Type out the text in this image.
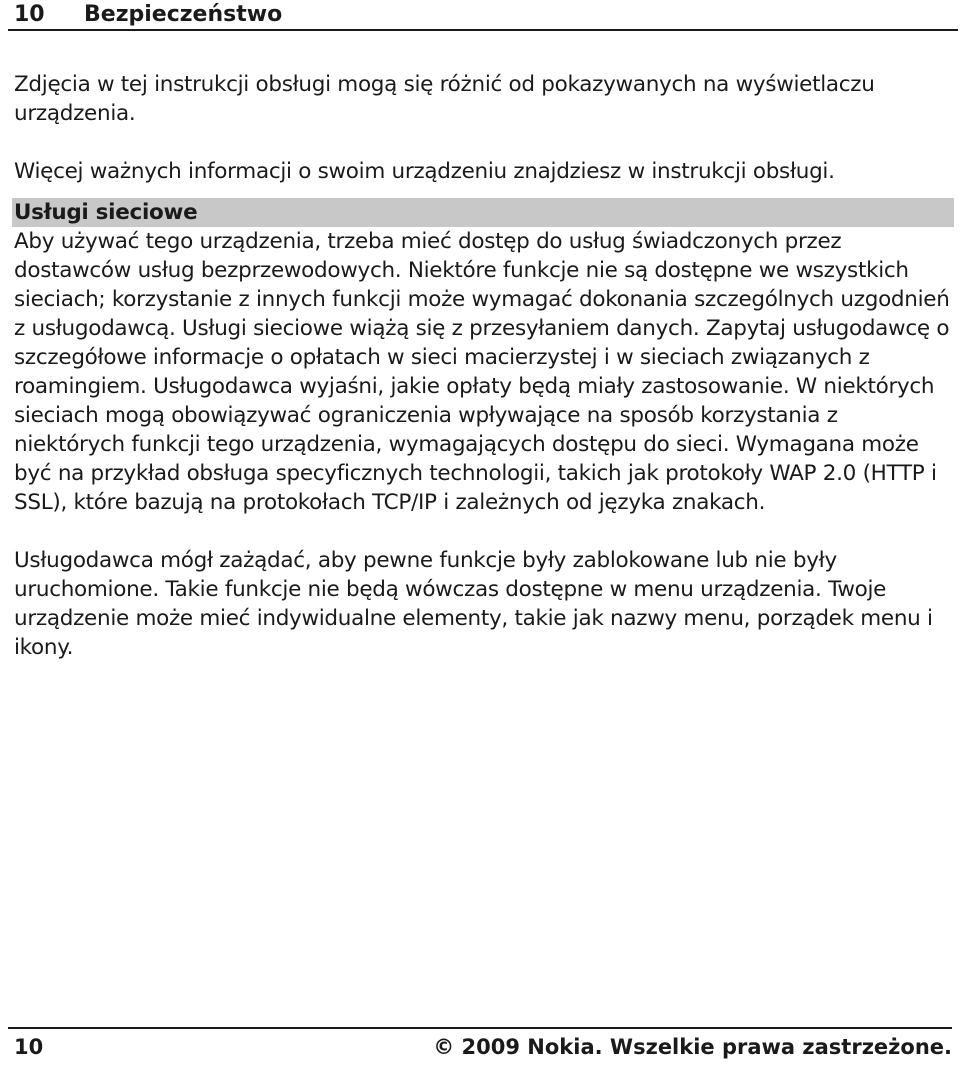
10	Bezpieczeństwo

Zdjęcia w tej instrukcji obsługi mogą się różnić od pokazywanych na wyświetlaczu urządzenia.

Więcej ważnych informacji o swoim urządzeniu znajdziesz w instrukcji obsługi.

Usługi sieciowe

Aby używać tego urządzenia, trzeba mieć dostęp do usług świadczonych przez dostawców usług bezprzewodowych. Niektóre funkcje nie są dostępne we wszystkich sieciach; korzystanie z innych funkcji może wymagać dokonania szczególnych uzgodnień z usługodawcą. Usługi sieciowe wiążą się z przesyłaniem danych. Zapytaj usługodawcę o szczegółowe informacje o opłatach w sieci macierzystej i w sieciach związanych z roamingiem. Usługodawca wyjaśni, jakie opłaty będą miały zastosowanie. W niektórych sieciach mogą obowiązywać ograniczenia wpływające na sposób korzystania z niektórych funkcji tego urządzenia, wymagających dostępu do sieci. Wymagana może być na przykład obsługa specyficznych technologii, takich jak protokoły WAP 2.0 (HTTP i SSL), które bazują na protokołach TCP/IP i zależnych od języka znakach.

Usługodawca mógł zażądać, aby pewne funkcje były zablokowane lub nie były uruchomione. Takie funkcje nie będą wówczas dostępne w menu urządzenia. Twoje urządzenie może mieć indywidualne elementy, takie jak nazwy menu, porządek menu i ikony.

10	© 2009 Nokia. Wszelkie prawa zastrzeżone.
